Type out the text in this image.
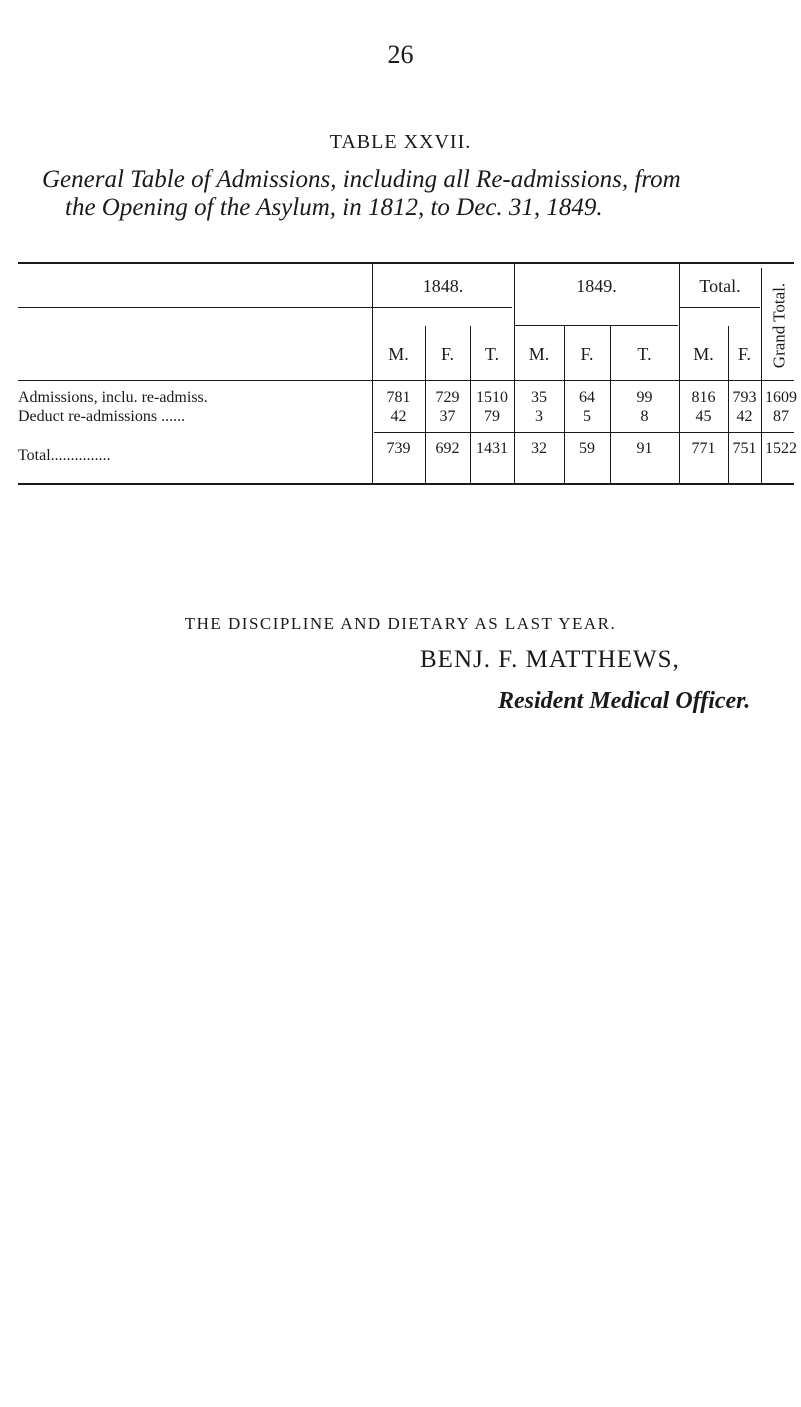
26
TABLE XXVII.
General Table of Admissions, including all Re-admissions, from
the Opening of the Asylum, in 1812, to Dec. 31, 1849.
1848.	1849.	Total.	Grand Total.
M.	F.	T.	M.	F.	T.	M.	F.
Admissions, inclu. re-admiss.	781	729	1510	35	64	99	816	793 1609
Deduct re-admissions ......	42	37	79	3	5	8	45	42	87
Total...............	739	692	1431	32	59	91	771	751 1522
THE DISCIPLINE AND DIETARY AS LAST YEAR.
BENJ. F. MATTHEWS,
Resident Medical Officer.
